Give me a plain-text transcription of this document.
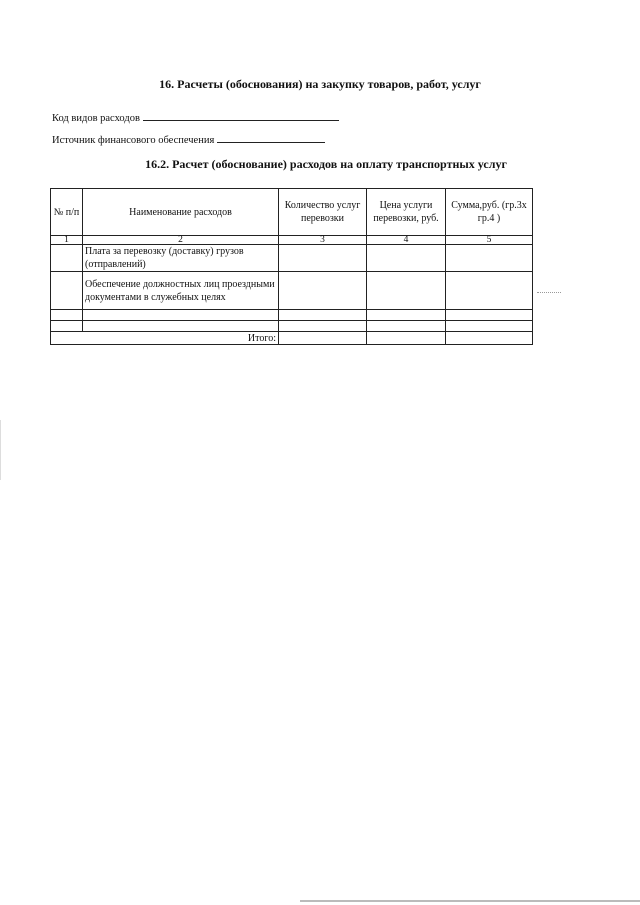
16. Расчеты (обоснования) на закупку товаров, работ, услуг
Код видов расходов
Источник финансового обеспечения
16.2. Расчет (обоснование) расходов на оплату транспортных услуг
№ п/п	Наименование расходов	Количество услуг перевозки	Цена услуги перевозки, руб.	Сумма,руб. (гр.3х гр.4 )
1	2	3	4	5
	Плата за перевозку (доставку) грузов (отправлений)			
	Обеспечение должностных лиц проездными документами в служебных целях			

Итого:				
